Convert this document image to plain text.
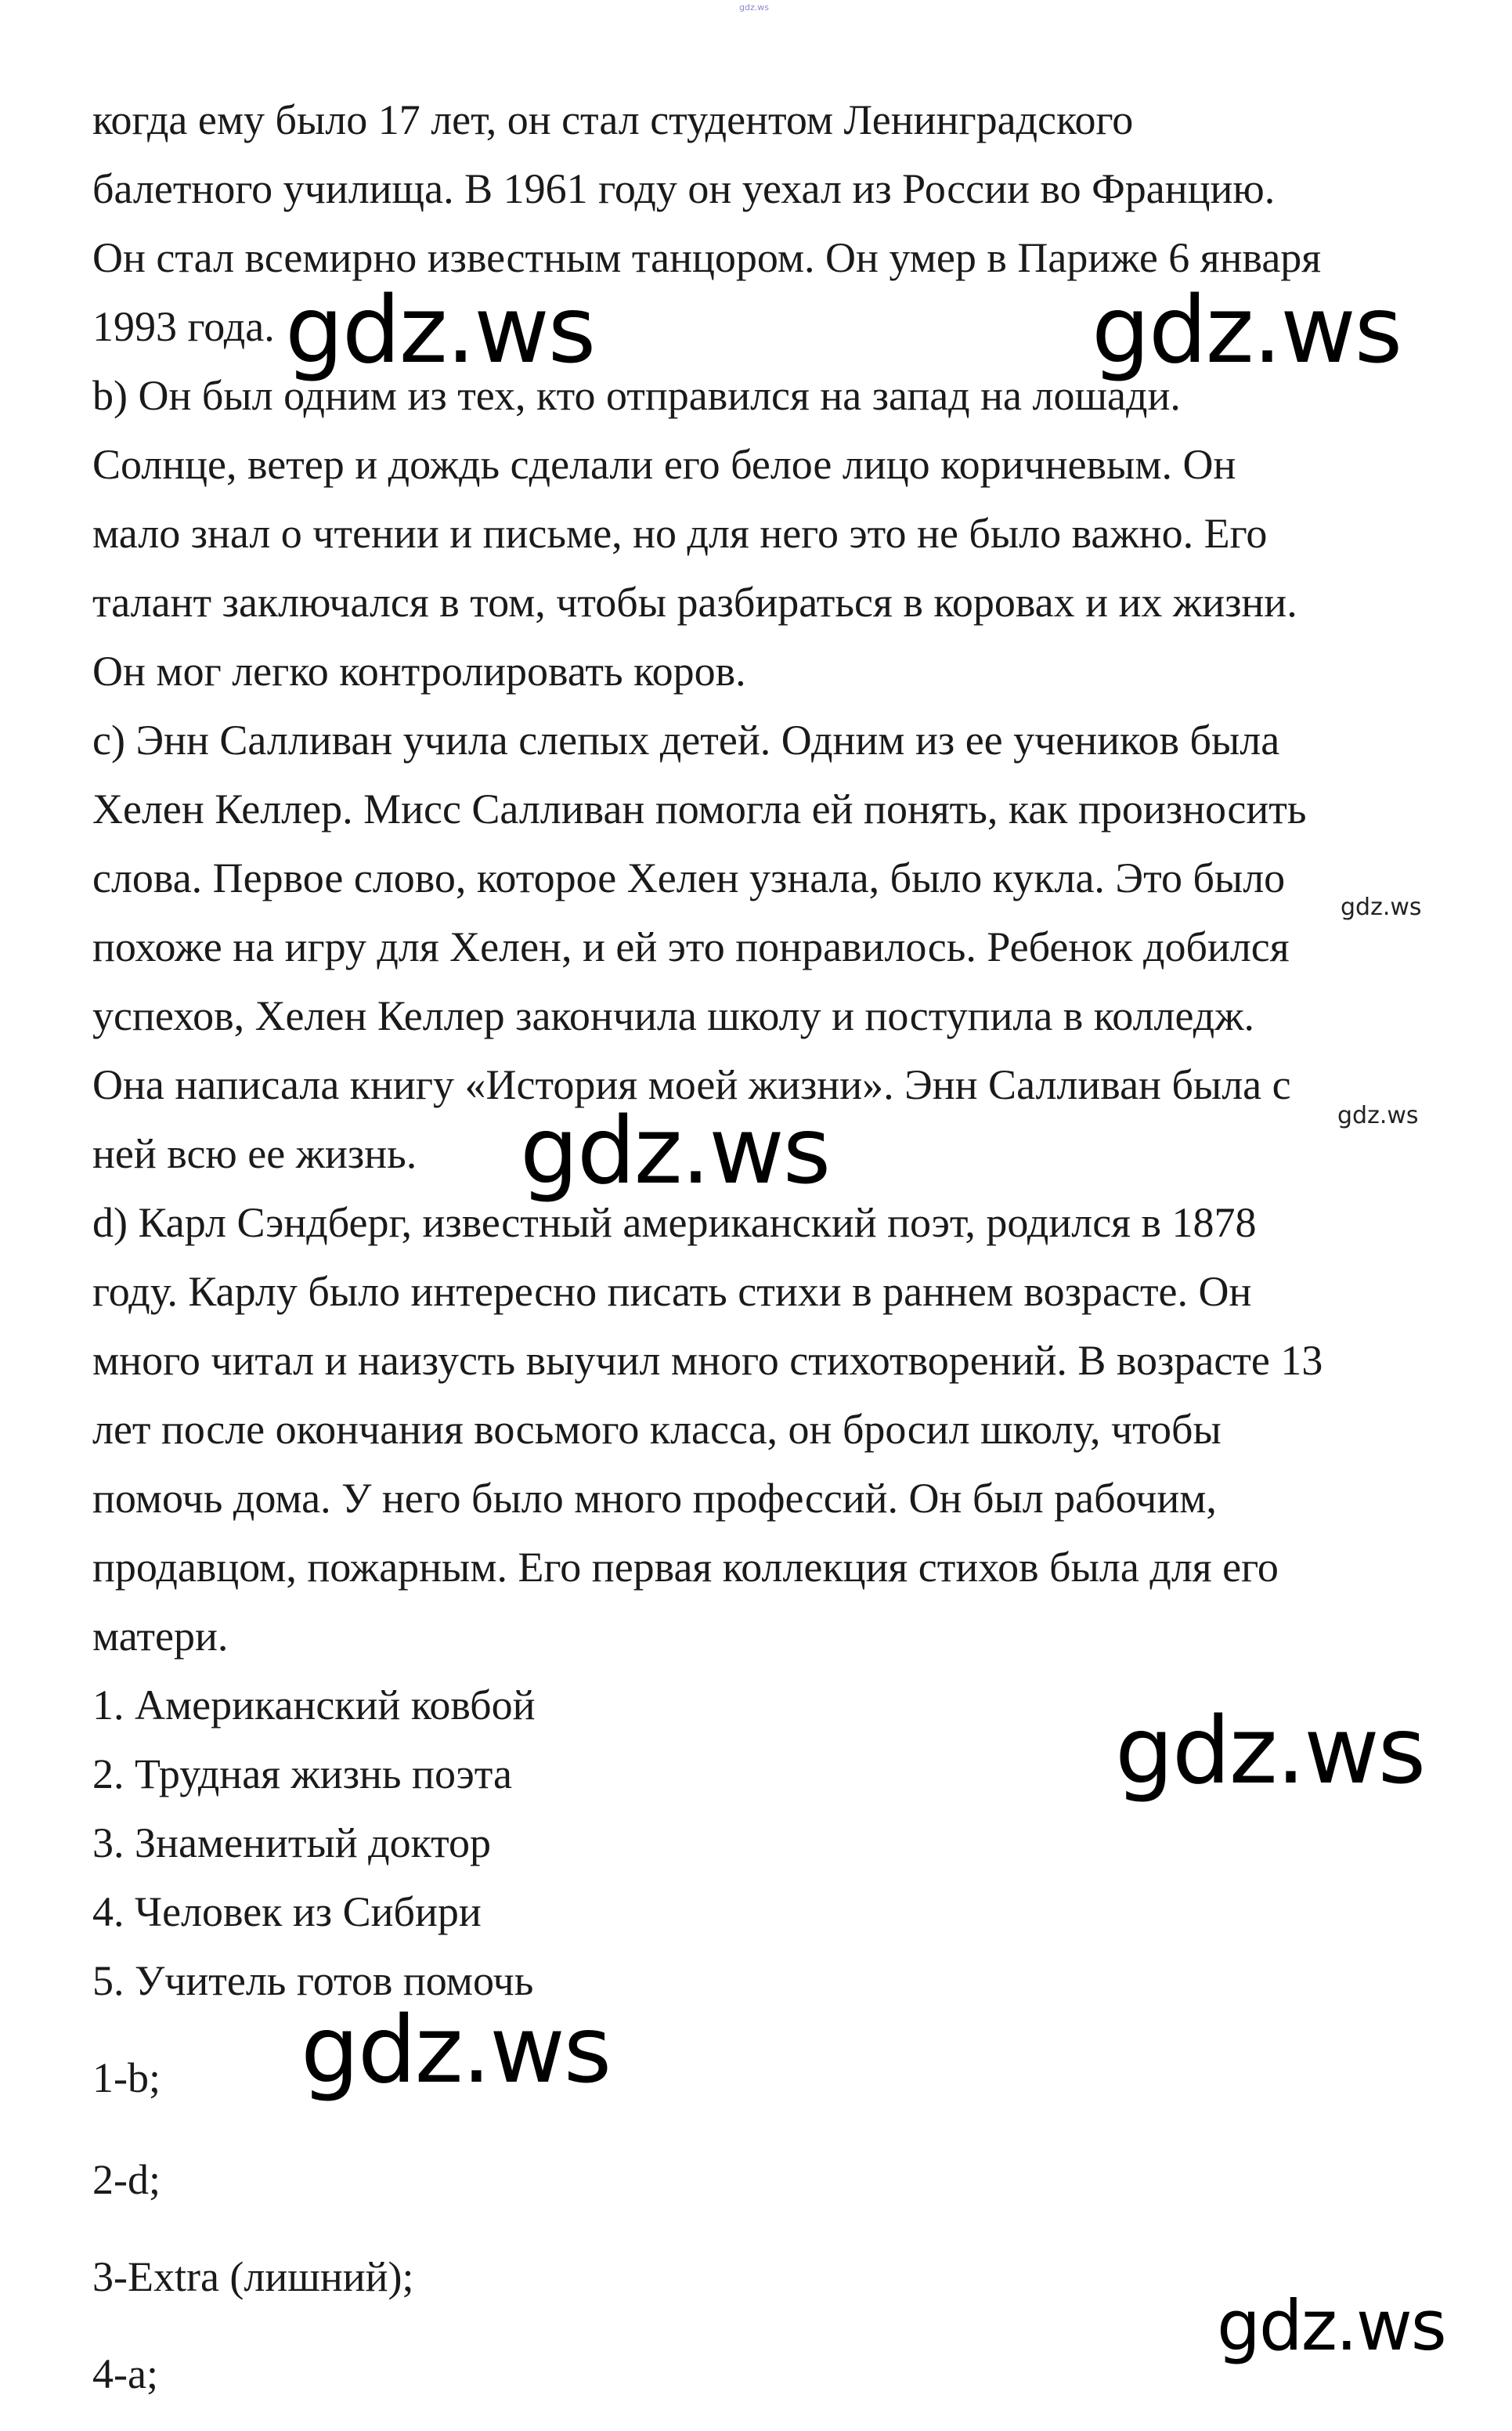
gdz.ws
когда ему было 17 лет, он стал студентом Ленинградского
балетного училища. В 1961 году он уехал из России во Францию.
Он стал всемирно известным танцором. Он умер в Париже 6 января
1993 года.
b) Он был одним из тех, кто отправился на запад на лошади.
Солнце, ветер и дождь сделали его белое лицо коричневым. Он
мало знал о чтении и письме, но для него это не было важно. Его
талант заключался в том, чтобы разбираться в коровах и их жизни.
Он мог легко контролировать коров.
c) Энн Салливан учила слепых детей. Одним из ее учеников была
Хелен Келлер. Мисс Салливан помогла ей понять, как произносить
слова. Первое слово, которое Хелен узнала, было кукла. Это было
похоже на игру для Хелен, и ей это понравилось. Ребенок добился
успехов, Хелен Келлер закончила школу и поступила в колледж.
Она написала книгу «История моей жизни». Энн Салливан была с
ней всю ее жизнь.
d) Карл Сэндберг, известный американский поэт, родился в 1878
году. Карлу было интересно писать стихи в раннем возрасте. Он
много читал и наизусть выучил много стихотворений. В возрасте 13
лет после окончания восьмого класса, он бросил школу, чтобы
помочь дома. У него было много профессий. Он был рабочим,
продавцом, пожарным. Его первая коллекция стихов была для его
матери.
1. Американский ковбой
2. Трудная жизнь поэта
3. Знаменитый доктор
4. Человек из Сибири
5. Учитель готов помочь
1-b;
2-d;
3-Extra (лишний);
4-a;
gdz.ws	gdz.ws
gdz.ws
gdz.ws
gdz.ws
gdz.ws
gdz.ws
gdz.ws
